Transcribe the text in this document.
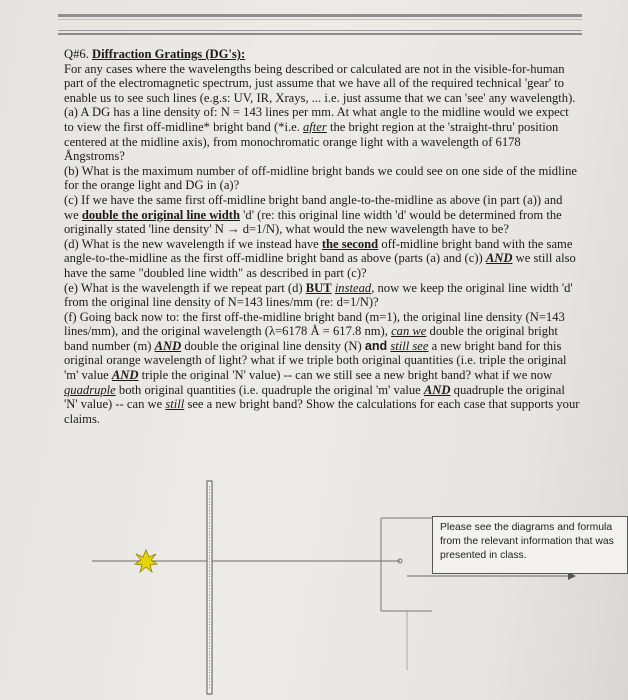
Q#6. Diffraction Gratings (DG's):

For any cases where the wavelengths being described or calculated are not in the visible-for-human part of the electromagnetic spectrum, just assume that we have all of the required technical 'gear' to enable us to see such lines (e.g.s: UV, IR, Xrays, ... i.e. just assume that we can 'see' any wavelength).

(a) A DG has a line density of: N = 143 lines per mm. At what angle to the midline would we expect to view the first off-midline* bright band (*i.e. after the bright region at the 'straight-thru' position centered at the midline axis), from monochromatic orange light with a wavelength of 6178 Ångstroms?

(b) What is the maximum number of off-midline bright bands we could see on one side of the midline for the orange light and DG in (a)?

(c) If we have the same first off-midline bright band angle-to-the-midline as above (in part (a)) and we double the original line width 'd' (re: this original line width 'd' would be determined from the originally stated 'line density' N → d=1/N), what would the new wavelength have to be?

(d) What is the new wavelength if we instead have the second off-midline bright band with the same angle-to-the-midline as the first off-midline bright band as above (parts (a) and (c)) AND we still also have the same "doubled line width" as described in part (c)?

(e) What is the wavelength if we repeat part (d) BUT instead, now we keep the original line width 'd' from the original line density of N=143 lines/mm (re: d=1/N)?

(f) Going back now to: the first off-the-midline bright band (m=1), the original line density (N=143 lines/mm), and the original wavelength (λ=6178 Å = 617.8 nm), can we double the original bright band number (m) AND double the original line density (N) and still see a new bright band for this original orange wavelength of light? what if we triple both original quantities (i.e. triple the original 'm' value AND triple the original 'N' value) -- can we still see a new bright band? what if we now quadruple both original quantities (i.e. quadruple the original 'm' value AND quadruple the original 'N' value) -- can we still see a new bright band? Show the calculations for each case that supports your claims.

Please see the diagrams and formula from the relevant information that was presented in class.
